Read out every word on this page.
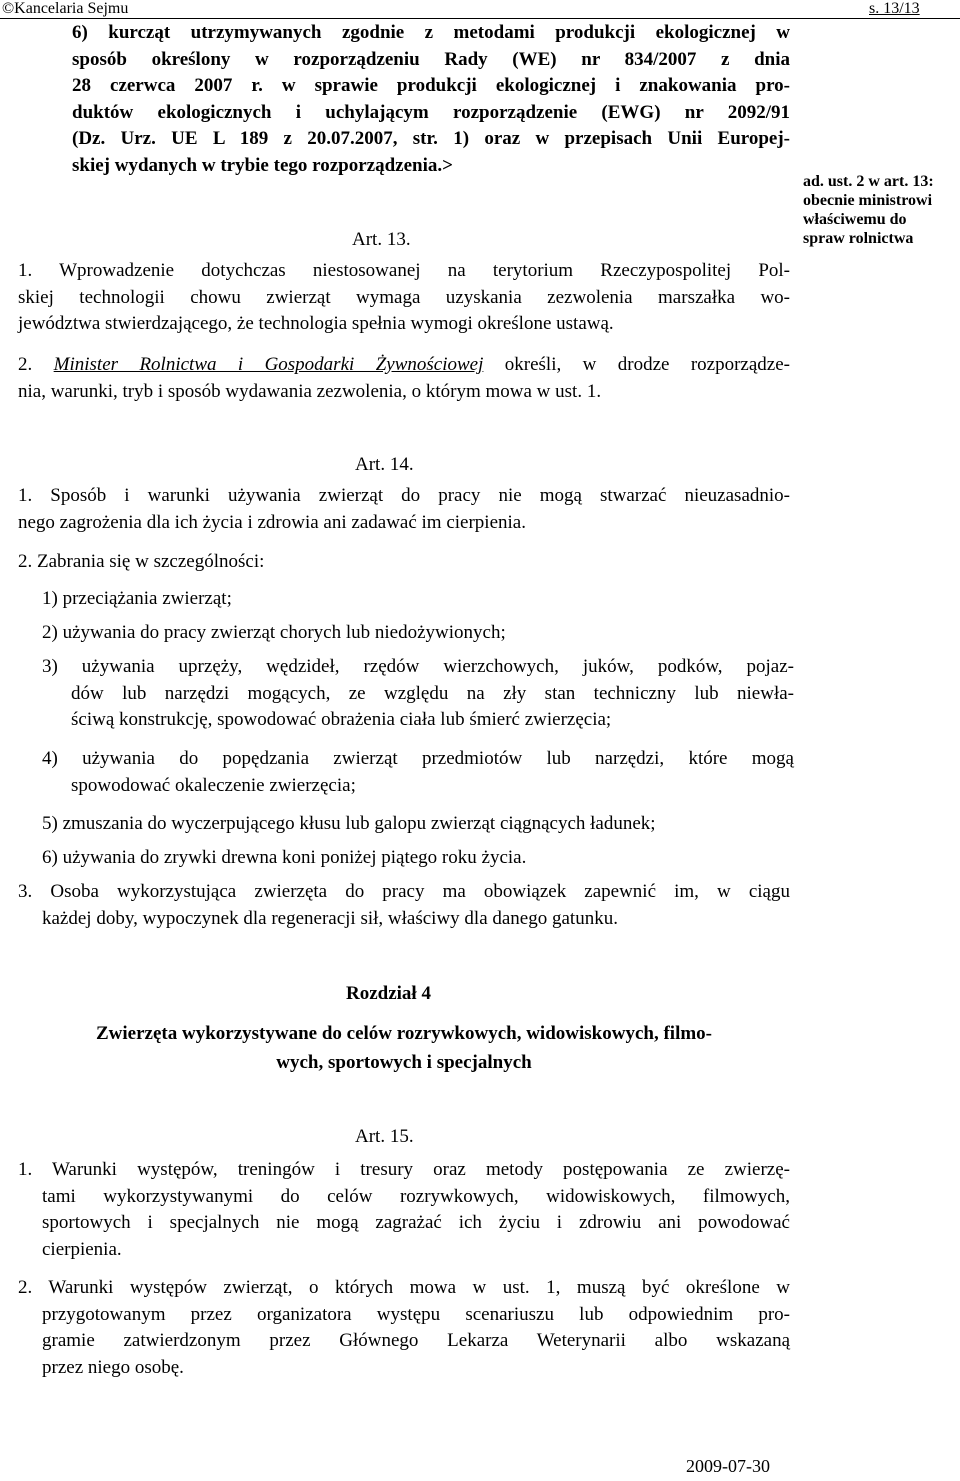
©Kancelaria Sejmu	s. 13/13
6) kurcząt utrzymywanych zgodnie z metodami produkcji ekologicznej w
sposób określony w rozporządzeniu Rady (WE) nr 834/2007 z dnia
28 czerwca 2007 r. w sprawie produkcji ekologicznej i znakowania pro-
duktów ekologicznych i uchylającym rozporządzenie (EWG) nr 2092/91
(Dz. Urz. UE L 189 z 20.07.2007, str. 1) oraz w przepisach Unii Europej-
skiej wydanych w trybie tego rozporządzenia.>
ad. ust. 2 w art. 13:
obecnie ministrowi
właściwemu do
spraw rolnictwa
Art. 13.
1. Wprowadzenie dotychczas niestosowanej na terytorium Rzeczypospolitej Pol-
skiej technologii chowu zwierząt wymaga uzyskania zezwolenia marszałka wo-
jewództwa stwierdzającego, że technologia spełnia wymogi określone ustawą.
2. Minister Rolnictwa i Gospodarki Żywnościowej określi, w drodze rozporządze-
nia, warunki, tryb i sposób wydawania zezwolenia, o którym mowa w ust. 1.
Art. 14.
1. Sposób i warunki używania zwierząt do pracy nie mogą stwarzać nieuzasadnio-
nego zagrożenia dla ich życia i zdrowia ani zadawać im cierpienia.
2. Zabrania się w szczególności:
1) przeciążania zwierząt;
2) używania do pracy zwierząt chorych lub niedożywionych;
3) używania uprzęży, wędzideł, rzędów wierzchowych, juków, podków, pojaz-
dów lub narzędzi mogących, ze względu na zły stan techniczny lub niewła-
ściwą konstrukcję, spowodować obrażenia ciała lub śmierć zwierzęcia;
4) używania do popędzania zwierząt przedmiotów lub narzędzi, które mogą
spowodować okaleczenie zwierzęcia;
5) zmuszania do wyczerpującego kłusu lub galopu zwierząt ciągnących ładunek;
6) używania do zrywki drewna koni poniżej piątego roku życia.
3. Osoba wykorzystująca zwierzęta do pracy ma obowiązek zapewnić im, w ciągu
każdej doby, wypoczynek dla regeneracji sił, właściwy dla danego gatunku.
Rozdział 4
Zwierzęta wykorzystywane do celów rozrywkowych, widowiskowych, filmo-
wych, sportowych i specjalnych
Art. 15.
1. Warunki występów, treningów i tresury oraz metody postępowania ze zwierzę-
tami wykorzystywanymi do celów rozrywkowych, widowiskowych, filmowych,
sportowych i specjalnych nie mogą zagrażać ich życiu i zdrowiu ani powodować
cierpienia.
2. Warunki występów zwierząt, o których mowa w ust. 1, muszą być określone w
przygotowanym przez organizatora występu scenariuszu lub odpowiednim pro-
gramie zatwierdzonym przez Głównego Lekarza Weterynarii albo wskazaną
przez niego osobę.
2009-07-30
